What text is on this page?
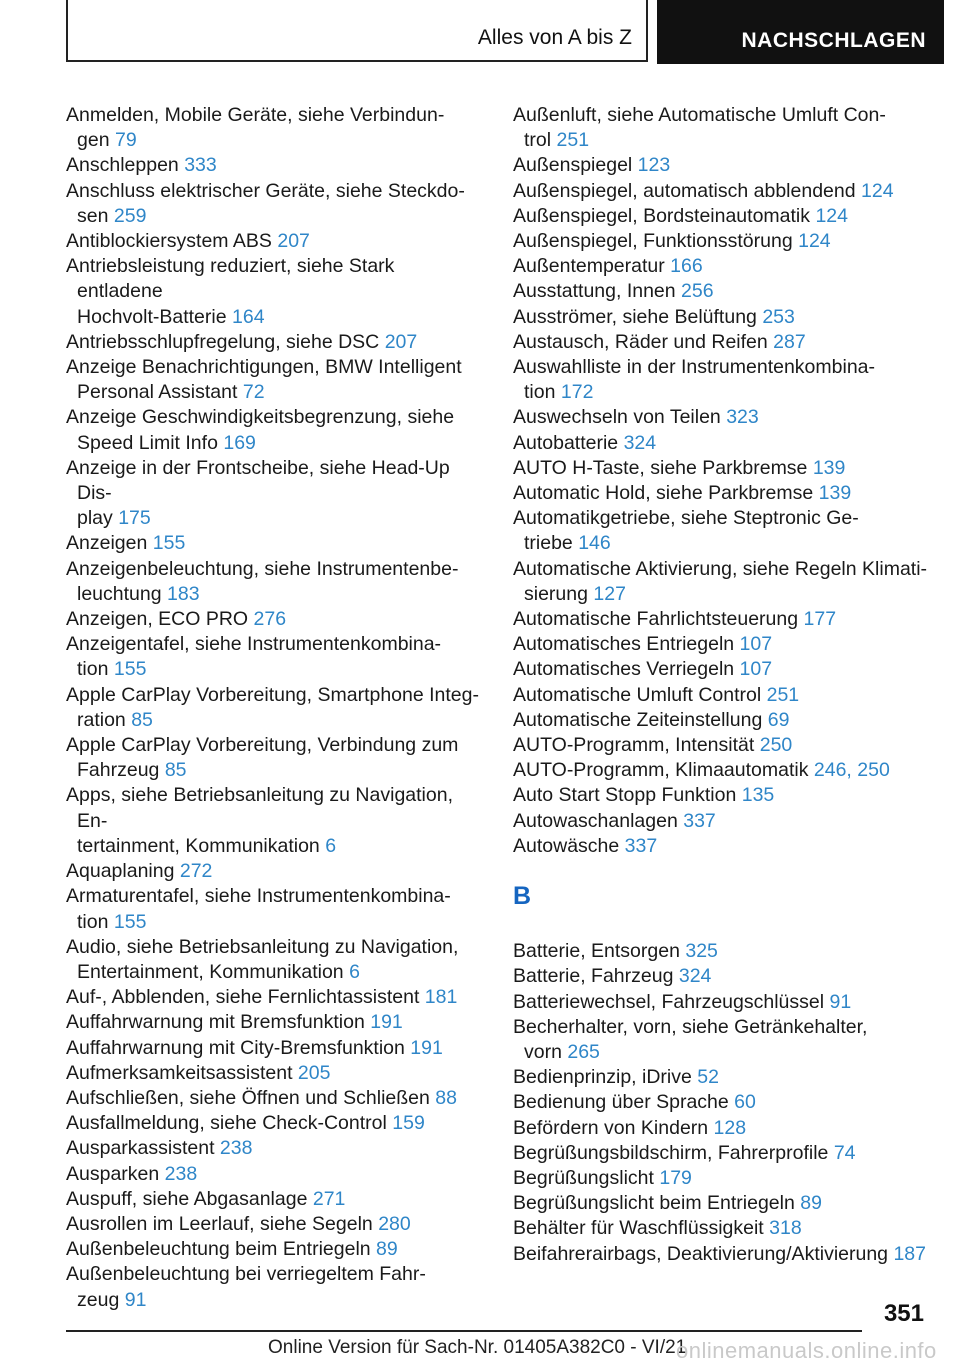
Alles von A bis Z	NACHSCHLAGEN
Anmelden, Mobile Geräte, siehe Verbindun-
gen 79
Anschleppen 333
Anschluss elektrischer Geräte, siehe Steckdo-
sen 259
Antiblockiersystem ABS 207
Antriebsleistung reduziert, siehe Stark entladene
Hochvolt-Batterie 164
Antriebsschlupfregelung, siehe DSC 207
Anzeige Benachrichtigungen, BMW Intelligent
Personal Assistant 72
Anzeige Geschwindigkeitsbegrenzung, siehe
Speed Limit Info 169
Anzeige in der Frontscheibe, siehe Head-Up Dis-
play 175
Anzeigen 155
Anzeigenbeleuchtung, siehe Instrumentenbe-
leuchtung 183
Anzeigen, ECO PRO 276
Anzeigentafel, siehe Instrumentenkombina-
tion 155
Apple CarPlay Vorbereitung, Smartphone Integ-
ration 85
Apple CarPlay Vorbereitung, Verbindung zum
Fahrzeug 85
Apps, siehe Betriebsanleitung zu Navigation, En-
tertainment, Kommunikation 6
Aquaplaning 272
Armaturentafel, siehe Instrumentenkombina-
tion 155
Audio, siehe Betriebsanleitung zu Navigation,
Entertainment, Kommunikation 6
Auf-, Abblenden, siehe Fernlichtassistent 181
Auffahrwarnung mit Bremsfunktion 191
Auffahrwarnung mit City-Bremsfunktion 191
Aufmerksamkeitsassistent 205
Aufschließen, siehe Öffnen und Schließen 88
Ausfallmeldung, siehe Check-Control 159
Ausparkassistent 238
Ausparken 238
Auspuff, siehe Abgasanlage 271
Ausrollen im Leerlauf, siehe Segeln 280
Außenbeleuchtung beim Entriegeln 89
Außenbeleuchtung bei verriegeltem Fahr-
zeug 91
Außenluft, siehe Automatische Umluft Con-
trol 251
Außenspiegel 123
Außenspiegel, automatisch abblendend 124
Außenspiegel, Bordsteinautomatik 124
Außenspiegel, Funktionsstörung 124
Außentemperatur 166
Ausstattung, Innen 256
Ausströmer, siehe Belüftung 253
Austausch, Räder und Reifen 287
Auswahlliste in der Instrumentenkombina-
tion 172
Auswechseln von Teilen 323
Autobatterie 324
AUTO H-Taste, siehe Parkbremse 139
Automatic Hold, siehe Parkbremse 139
Automatikgetriebe, siehe Steptronic Ge-
triebe 146
Automatische Aktivierung, siehe Regeln Klimati-
sierung 127
Automatische Fahrlichtsteuerung 177
Automatisches Entriegeln 107
Automatisches Verriegeln 107
Automatische Umluft Control 251
Automatische Zeiteinstellung 69
AUTO-Programm, Intensität 250
AUTO-Programm, Klimaautomatik 246, 250
Auto Start Stopp Funktion 135
Autowaschanlagen 337
Autowäsche 337
B
Batterie, Entsorgen 325
Batterie, Fahrzeug 324
Batteriewechsel, Fahrzeugschlüssel 91
Becherhalter, vorn, siehe Getränkehalter,
vorn 265
Bedienprinzip, iDrive 52
Bedienung über Sprache 60
Befördern von Kindern 128
Begrüßungsbildschirm, Fahrerprofile 74
Begrüßungslicht 179
Begrüßungslicht beim Entriegeln 89
Behälter für Waschflüssigkeit 318
Beifahrerairbags, Deaktivierung/Aktivierung 187
351
Online Version für Sach-Nr. 01405A382C0 - VI/21
onlinemanuals.online.info
